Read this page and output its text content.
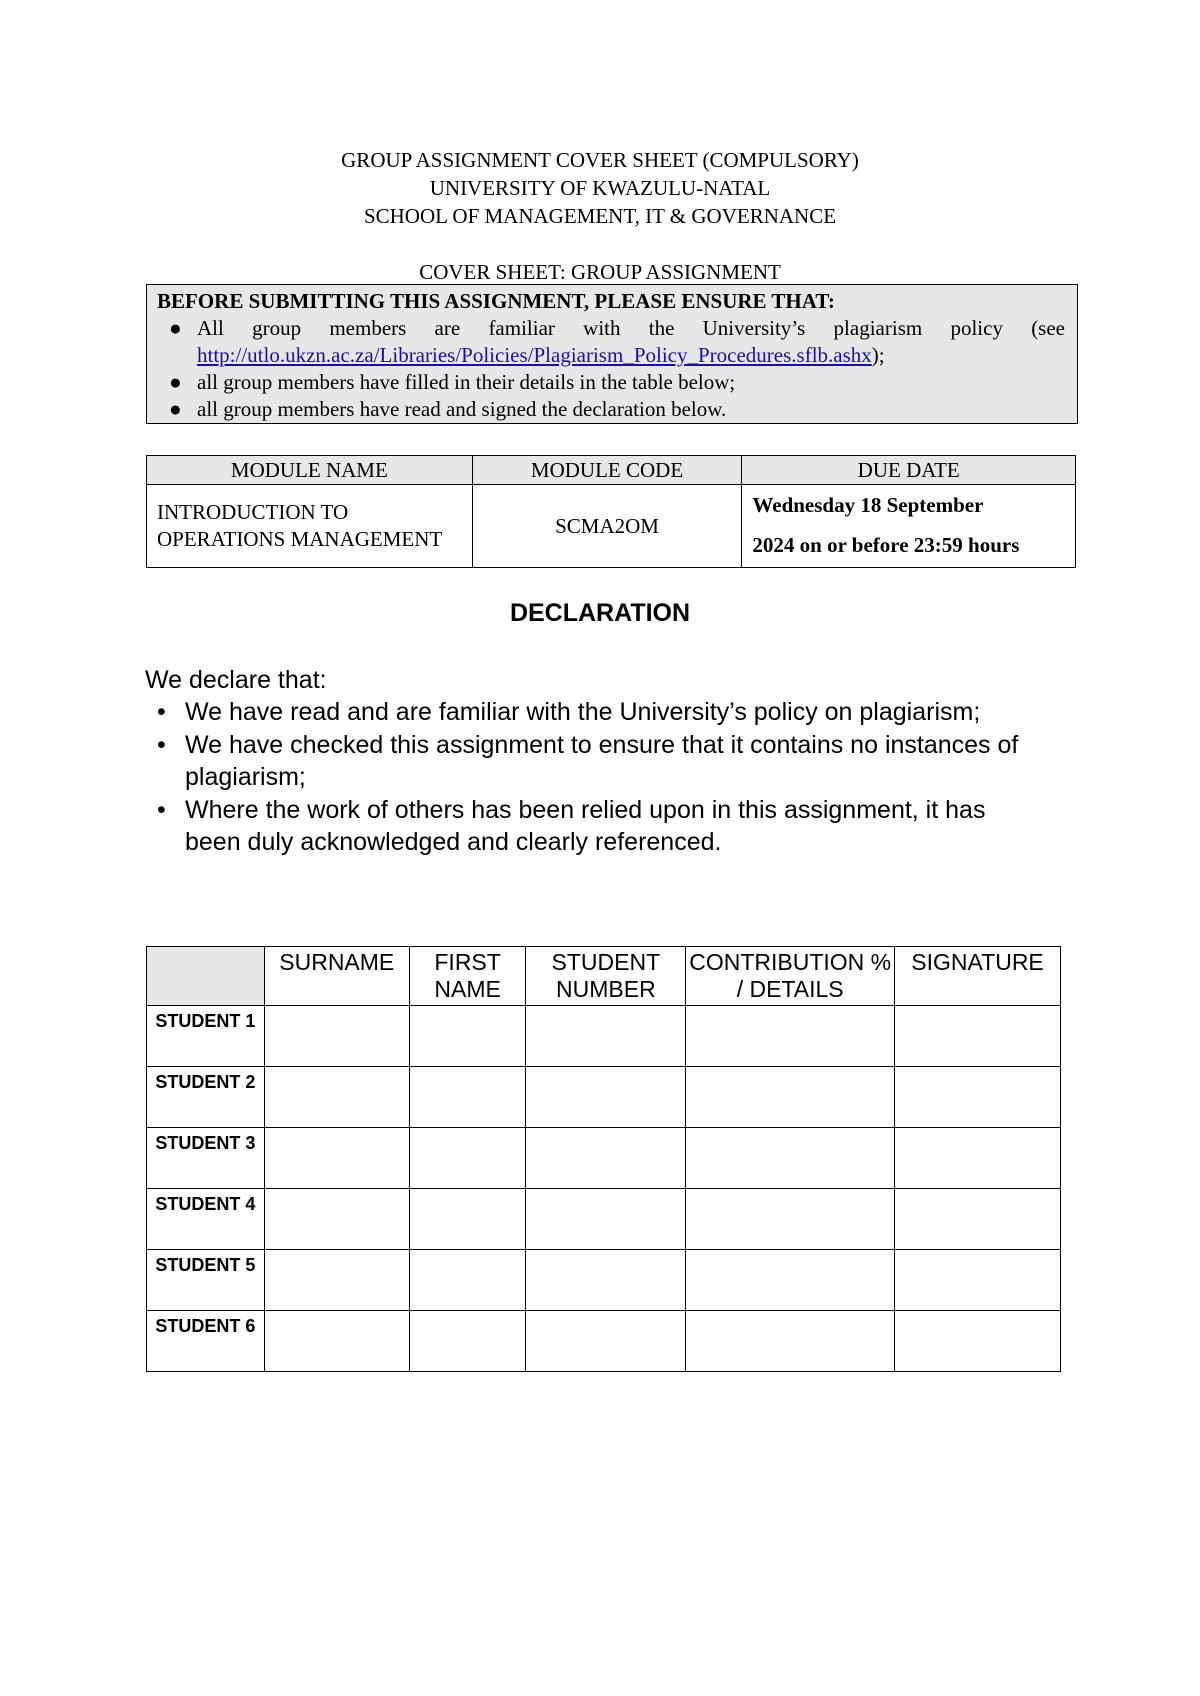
GROUP ASSIGNMENT COVER SHEET (COMPULSORY)
UNIVERSITY OF KWAZULU-NATAL
SCHOOL OF MANAGEMENT, IT & GOVERNANCE
COVER SHEET: GROUP ASSIGNMENT
BEFORE SUBMITTING THIS ASSIGNMENT, PLEASE ENSURE THAT:
● All group members are familiar with the University’s plagiarism policy (see
http://utlo.ukzn.ac.za/Libraries/Policies/Plagiarism_Policy_Procedures.sflb.ashx);
● all group members have filled in their details in the table below;
● all group members have read and signed the declaration below.
MODULE NAME	MODULE CODE	DUE DATE
INTRODUCTION TO OPERATIONS MANAGEMENT	SCMA2OM	Wednesday 18 September
2024 on or before 23:59 hours
DECLARATION
We declare that:
• We have read and are familiar with the University’s policy on plagiarism;
• We have checked this assignment to ensure that it contains no instances of plagiarism;
• Where the work of others has been relied upon in this assignment, it has been duly acknowledged and clearly referenced.
	SURNAME	FIRST NAME	STUDENT NUMBER	CONTRIBUTION % / DETAILS	SIGNATURE
STUDENT 1					
STUDENT 2					
STUDENT 3					
STUDENT 4					
STUDENT 5					
STUDENT 6					
